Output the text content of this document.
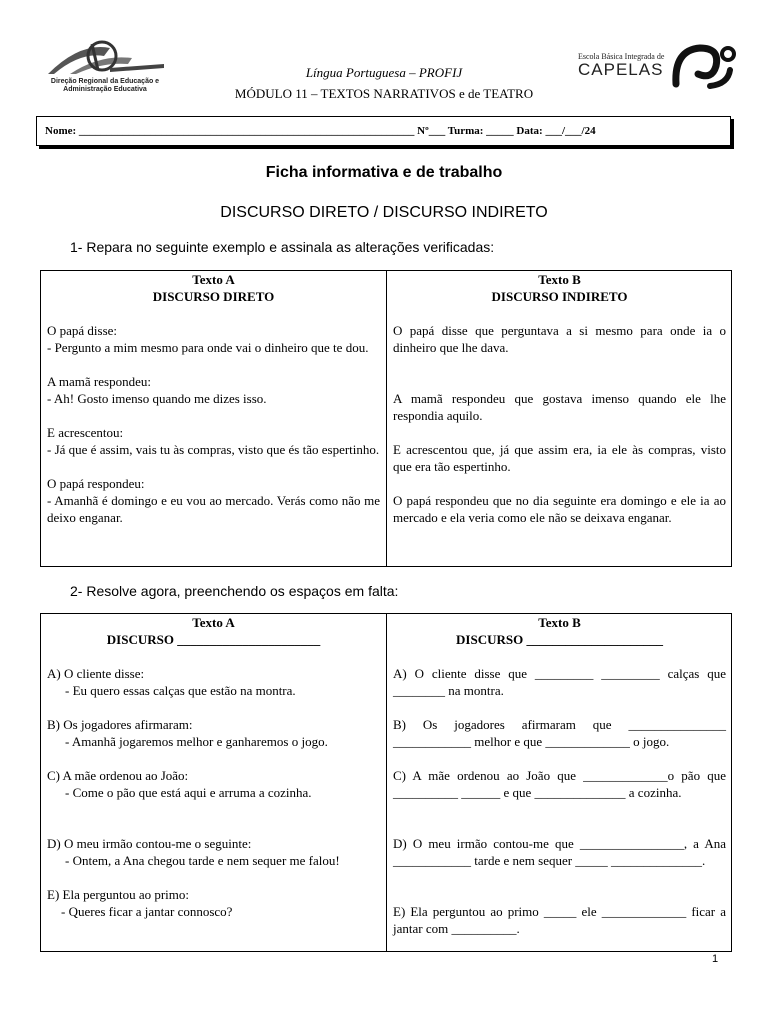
Direção Regional da Educação e Administração Educativa
Escola Básica Integrada de
CAPELAS
Língua Portuguesa – PROFIJ
MÓDULO 11 – TEXTOS NARRATIVOS e de TEATRO
Nome: _____________________________________________________________ Nº___ Turma: _____ Data: ___/___/24
Ficha informativa e de trabalho
DISCURSO DIRETO / DISCURSO INDIRETO
1- Repara no seguinte exemplo e assinala as alterações verificadas:
Texto A
DISCURSO DIRETO
O papá disse:
- Pergunto a mim mesmo para onde vai o dinheiro que te dou.
A mamã respondeu:
- Ah! Gosto imenso quando me dizes isso.
E acrescentou:
- Já que é assim, vais tu às compras, visto que és tão espertinho.
O papá respondeu:
- Amanhã é domingo e eu vou ao mercado. Verás como não me deixo enganar.
Texto B
DISCURSO INDIRETO
O papá disse que perguntava a si mesmo para onde ia o dinheiro que lhe dava.
A mamã respondeu que gostava imenso quando ele lhe respondia aquilo.
E acrescentou que, já que assim era, ia ele às compras, visto que era tão espertinho.
O papá respondeu que no dia seguinte era domingo e ele ia ao mercado e ela veria como ele não se deixava enganar.
2- Resolve agora, preenchendo os espaços em falta:
Texto A
DISCURSO ______________________
A) O cliente disse:
- Eu quero essas calças que estão na montra.
B) Os jogadores afirmaram:
- Amanhã jogaremos melhor e ganharemos o jogo.
C) A mãe ordenou ao João:
- Come o pão que está aqui e arruma a cozinha.
D) O meu irmão contou-me o seguinte:
- Ontem, a Ana chegou tarde e nem sequer me falou!
E) Ela perguntou ao primo:
- Queres ficar a jantar connosco?
Texto B
DISCURSO _____________________
A) O cliente disse que _________ _________ calças que ________ na montra.
B) Os jogadores afirmaram que _______________ ____________ melhor e que _____________ o jogo.
C) A mãe ordenou ao João que _____________o pão que __________ ______ e que ______________ a cozinha.
D) O meu irmão contou-me que ________________, a Ana ____________ tarde e nem sequer _____ ______________.
E) Ela perguntou ao primo _____ ele _____________ ficar a jantar com __________.
1
